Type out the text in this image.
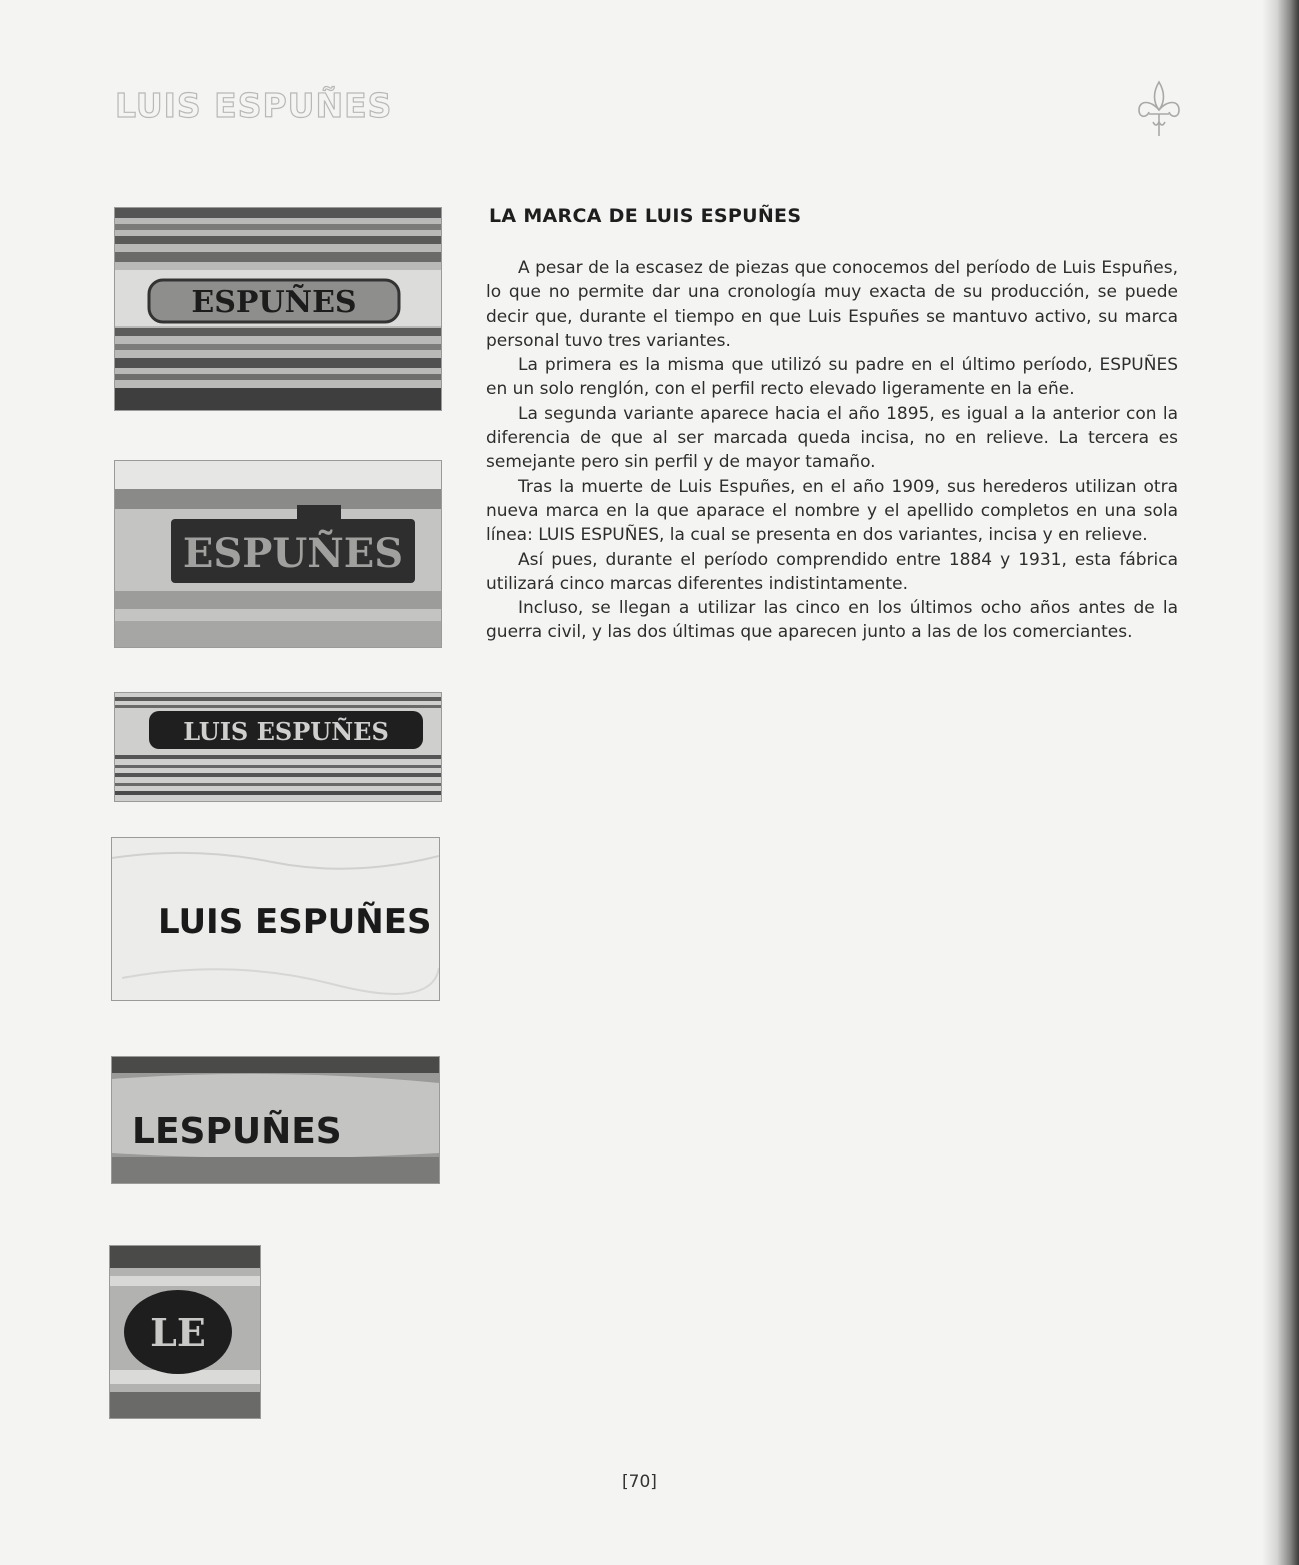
LUIS ESPUÑES
ESPUÑES
ESPUÑES
LUIS ESPUÑES
LUIS ESPUÑES
LESPUÑES
LE
LA MARCA DE LUIS ESPUÑES

A pesar de la escasez de piezas que conocemos del período de Luis Espuñes, lo que no permite dar una cronología muy exacta de su producción, se puede decir que, durante el tiempo en que Luis Espuñes se mantuvo activo, su marca personal tuvo tres variantes.

La primera es la misma que utilizó su padre en el último período, ESPUÑES en un solo renglón, con el perfil recto elevado ligeramente en la eñe.

La segunda variante aparece hacia el año 1895, es igual a la anterior con la diferencia de que al ser marcada queda incisa, no en relieve. La tercera es semejante pero sin perfil y de mayor tamaño.

Tras la muerte de Luis Espuñes, en el año 1909, sus herederos utilizan otra nueva marca en la que aparace el nombre y el apellido completos en una sola línea: LUIS ESPUÑES, la cual se presenta en dos variantes, incisa y en relieve.

Así pues, durante el período comprendido entre 1884 y 1931, esta fábrica utilizará cinco marcas diferentes indistintamente.

Incluso, se llegan a utilizar las cinco en los últimos ocho años antes de la guerra civil, y las dos últimas que aparecen junto a las de los comerciantes.

[70]
